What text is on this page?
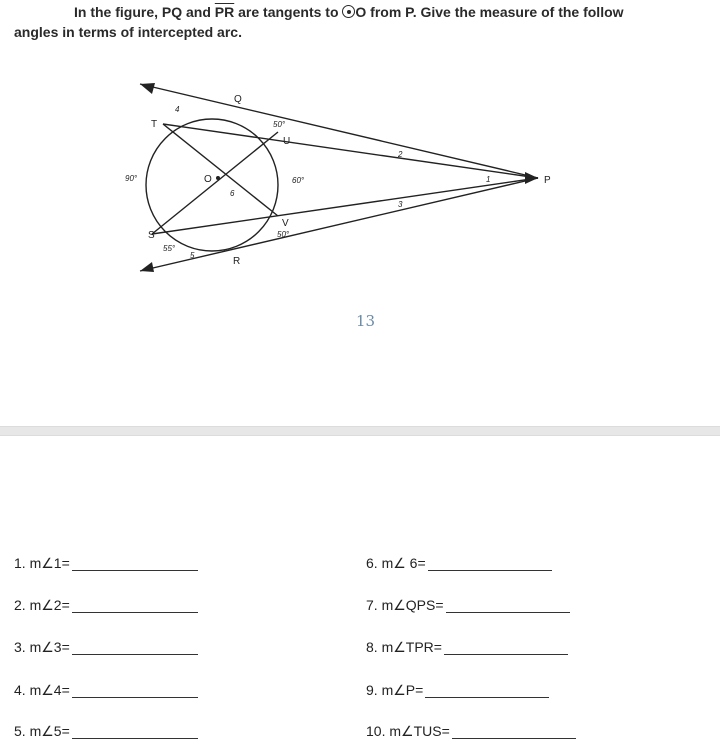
In the figure, PQ and $\overline{PR}$ are tangents to O from P. Give the measure of the follow
angles in terms of intercepted arc.
Q
T
U
O
S
R
V
P
4
2
1
3
6
5
50°
90°	60°
50°
55°
13
1. m∠1=
2. m∠2=
3. m∠3=
4. m∠4=
5. m∠5=
6. m∠ 6=
7. m∠QPS=
8. m∠TPR=
9. m∠P=
10. m∠TUS=
